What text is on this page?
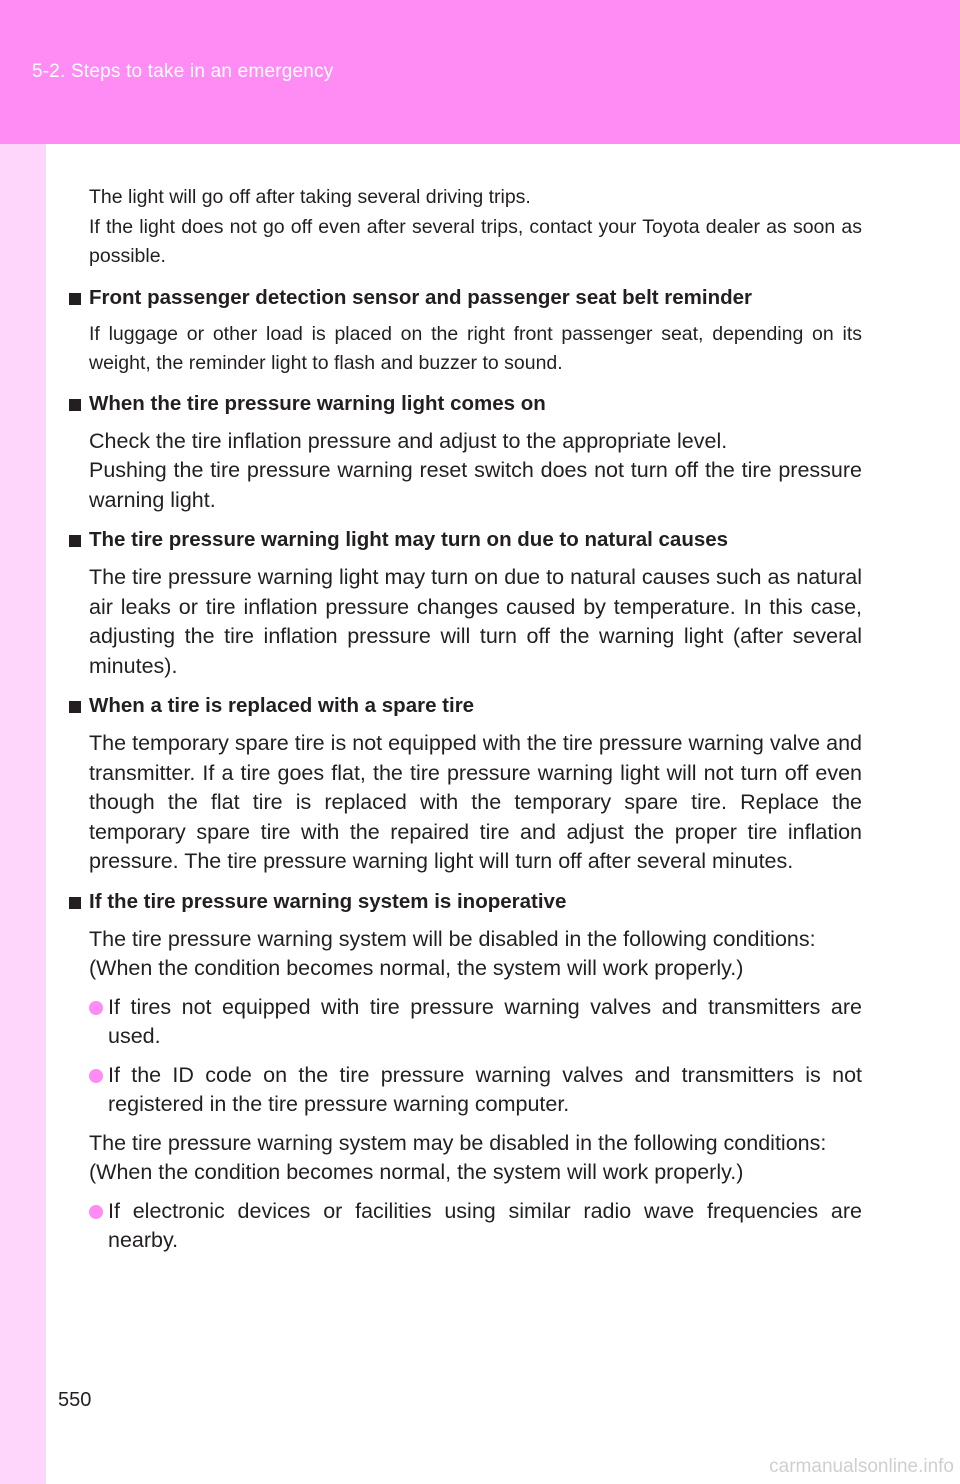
5-2. Steps to take in an emergency
The light will go off after taking several driving trips.
If the light does not go off even after several trips, contact your Toyota dealer as soon as possible.
Front passenger detection sensor and passenger seat belt reminder
If luggage or other load is placed on the right front passenger seat, depending on its weight, the reminder light to flash and buzzer to sound.
When the tire pressure warning light comes on
Check the tire inflation pressure and adjust to the appropriate level.
Pushing the tire pressure warning reset switch does not turn off the tire pressure warning light.
The tire pressure warning light may turn on due to natural causes
The tire pressure warning light may turn on due to natural causes such as natural air leaks or tire inflation pressure changes caused by temperature. In this case, adjusting the tire inflation pressure will turn off the warning light (after several minutes).
When a tire is replaced with a spare tire
The temporary spare tire is not equipped with the tire pressure warning valve and transmitter. If a tire goes flat, the tire pressure warning light will not turn off even though the flat tire is replaced with the temporary spare tire. Replace the temporary spare tire with the repaired tire and adjust the proper tire inflation pressure. The tire pressure warning light will turn off after several minutes.
If the tire pressure warning system is inoperative
The tire pressure warning system will be disabled in the following conditions:
(When the condition becomes normal, the system will work properly.)
If tires not equipped with tire pressure warning valves and transmitters are used.
If the ID code on the tire pressure warning valves and transmitters is not registered in the tire pressure warning computer.
The tire pressure warning system may be disabled in the following conditions:
(When the condition becomes normal, the system will work properly.)
If electronic devices or facilities using similar radio wave frequencies are nearby.
550
carmanualsonline.info
